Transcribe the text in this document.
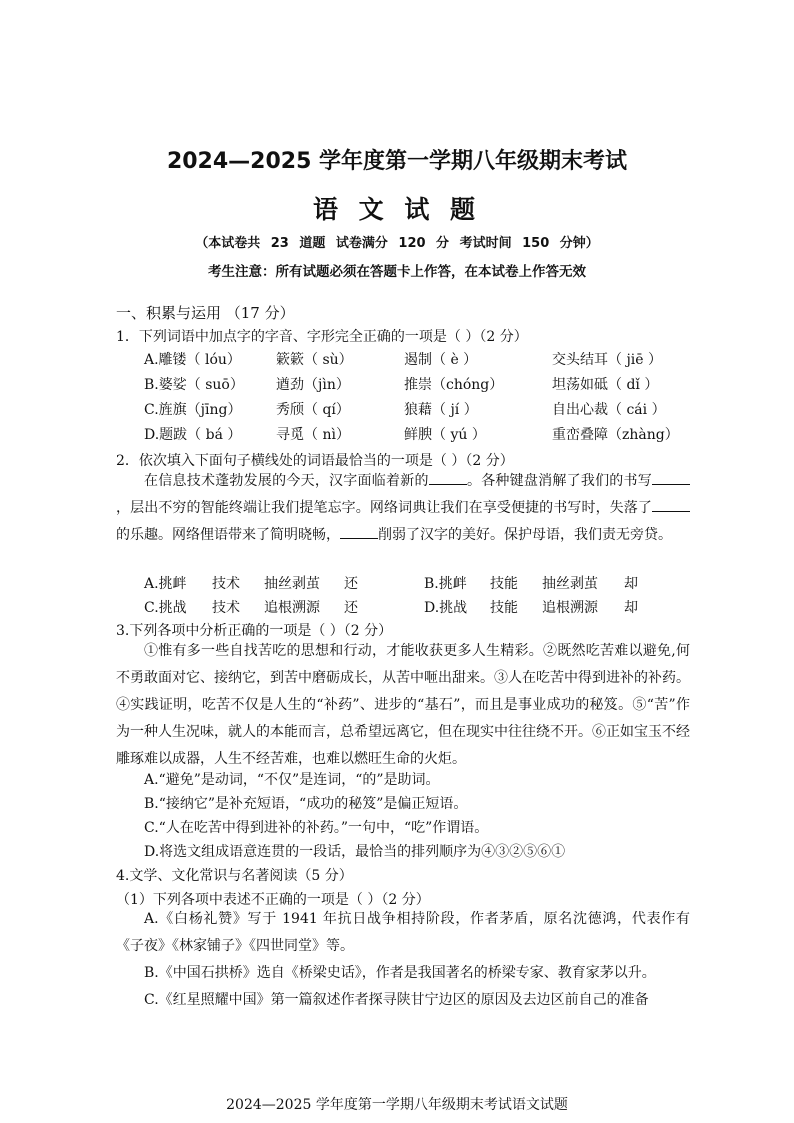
2024—2025 学年度第一学期八年级期末考试
语 文 试 题
（本试卷共 23 道题 试卷满分 120 分 考试时间 150 分钟）
考生注意：所有试题必须在答题卡上作答，在本试卷上作答无效
一、积累与运用 （17 分）
1．下列词语中加点字的字音、字形完全正确的一项是（ ）（2 分）
A.雕镂（ lóu）	簌簌（ sù）	遏制（ è ）	交头结耳（ jiē ）
B.婆娑（ suō） 遒劲（jìn）	推崇（chóng）	坦荡如砥（ dǐ ）
C.旌旗（jīng） 秀颀（ qí）	狼藉（ jí ）	自出心裁（ cái ）
D.题跋（ bá ） 寻觅（ nì）	鲜腴（ yú ）	重峦叠障（zhàng）
2．依次填入下面句子横线处的词语最恰当的一项是（ ）（2 分）
在信息技术蓬勃发展的今天，汉字面临着新的	。各种键盘消解了我们的书写，层出不穷的智能终端让我们提笔忘字。网络词典让我们在享受便捷的书写时，失落了的乐趣。网络俚语带来了简明晓畅，	削弱了汉字的美好。保护母语，我们责无旁贷。
A.挑衅 技术 抽丝剥茧 还	B.挑衅 技能 抽丝剥茧 却
C.挑战 技术 追根溯源 还	D.挑战 技能 追根溯源 却
3.下列各项中分析正确的一项是（ ）（2 分）
①惟有多一些自找苦吃的思想和行动，才能收获更多人生精彩。②既然吃苦难以避免,何不勇敢面对它、接纳它，到苦中磨砺成长，从苦中咂出甜来。③人在吃苦中得到进补的补药。④实践证明，吃苦不仅是人生的“补药”、进步的“基石”，而且是事业成功的秘笈。⑤“苦”作为一种人生况味，就人的本能而言，总希望远离它，但在现实中往往绕不开。⑥正如宝玉不经雕琢难以成器，人生不经苦难，也难以燃旺生命的火炬。
A.“避免”是动词，“不仅”是连词，“的”是助词。
B.“接纳它”是补充短语，“成功的秘笈”是偏正短语。
C.“人在吃苦中得到进补的补药。”一句中，“吃”作谓语。
D.将选文组成语意连贯的一段话，最恰当的排列顺序为④③②⑤⑥①
4.文学、文化常识与名著阅读（5 分）
（1）下列各项中表述不正确的一项是（ ）（2 分）
A.《白杨礼赞》写于 1941 年抗日战争相持阶段，作者茅盾，原名沈德鸿，代表作有《子夜》《林家铺子》《四世同堂》等。
B.《中国石拱桥》选自《桥梁史话》，作者是我国著名的桥梁专家、教育家茅以升。
C.《红星照耀中国》第一篇叙述作者探寻陕甘宁边区的原因及去边区前自己的准备
2024—2025 学年度第一学期八年级期末考试语文试题
